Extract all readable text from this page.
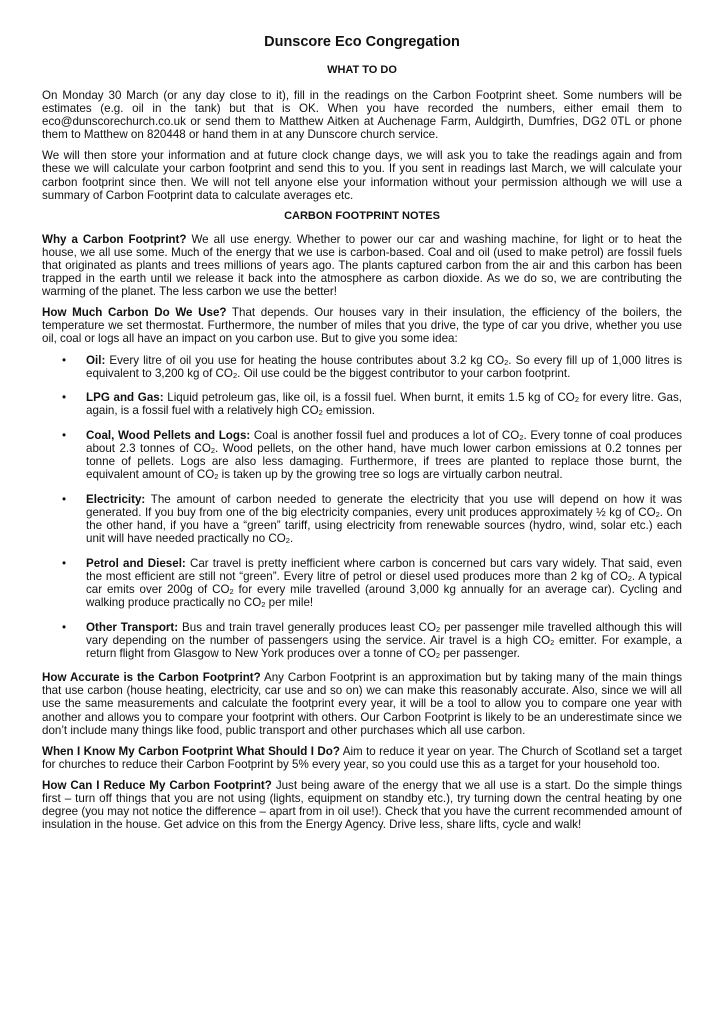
Dunscore Eco Congregation
WHAT TO DO

On Monday 30 March (or any day close to it), fill in the readings on the Carbon Footprint sheet. Some numbers will be estimates (e.g. oil in the tank) but that is OK. When you have recorded the numbers, either email them to eco@dunscorechurch.co.uk or send them to Matthew Aitken at Auchenage Farm, Auldgirth, Dumfries, DG2 0TL or phone them to Matthew on 820448 or hand them in at any Dunscore church service.

We will then store your information and at future clock change days, we will ask you to take the readings again and from these we will calculate your carbon footprint and send this to you. If you sent in readings last March, we will calculate your carbon footprint since then. We will not tell anyone else your information without your permission although we will use a summary of Carbon Footprint data to calculate averages etc.

CARBON FOOTPRINT NOTES

Why a Carbon Footprint? We all use energy. Whether to power our car and washing machine, for light or to heat the house, we all use some. Much of the energy that we use is carbon-based. Coal and oil (used to make petrol) are fossil fuels that originated as plants and trees millions of years ago. The plants captured carbon from the air and this carbon has been trapped in the earth until we release it back into the atmosphere as carbon dioxide. As we do so, we are contributing the warming of the planet. The less carbon we use the better!

How Much Carbon Do We Use? That depends. Our houses vary in their insulation, the efficiency of the boilers, the temperature we set thermostat. Furthermore, the number of miles that you drive, the type of car you drive, whether you use oil, coal or logs all have an impact on you carbon use. But to give you some idea:

• Oil: Every litre of oil you use for heating the house contributes about 3.2 kg $CO_2$. So every fill up of 1,000 litres is equivalent to 3,200 kg of $CO_2$. Oil use could be the biggest contributor to your carbon footprint.
• LPG and Gas: Liquid petroleum gas, like oil, is a fossil fuel. When burnt, it emits 1.5 kg of $CO_2$ for every litre. Gas, again, is a fossil fuel with a relatively high $CO_2$ emission.
• Coal, Wood Pellets and Logs: Coal is another fossil fuel and produces a lot of $CO_2$. Every tonne of coal produces about 2.3 tonnes of $CO_2$. Wood pellets, on the other hand, have much lower carbon emissions at 0.2 tonnes per tonne of pellets. Logs are also less damaging. Furthermore, if trees are planted to replace those burnt, the equivalent amount of $CO_2$ is taken up by the growing tree so logs are virtually carbon neutral.
• Electricity: The amount of carbon needed to generate the electricity that you use will depend on how it was generated. If you buy from one of the big electricity companies, every unit produces approximately ½ kg of $CO_2$. On the other hand, if you have a “green” tariff, using electricity from renewable sources (hydro, wind, solar etc.) each unit will have needed practically no $CO_2$.
• Petrol and Diesel: Car travel is pretty inefficient where carbon is concerned but cars vary widely. That said, even the most efficient are still not “green”. Every litre of petrol or diesel used produces more than 2 kg of $CO_2$. A typical car emits over 200g of $CO_2$ for every mile travelled (around 3,000 kg annually for an average car). Cycling and walking produce practically no $CO_2$ per mile!
• Other Transport: Bus and train travel generally produces least $CO_2$ per passenger mile travelled although this will vary depending on the number of passengers using the service. Air travel is a high $CO_2$ emitter. For example, a return flight from Glasgow to New York produces over a tonne of $CO_2$ per passenger.

How Accurate is the Carbon Footprint? Any Carbon Footprint is an approximation but by taking many of the main things that use carbon (house heating, electricity, car use and so on) we can make this reasonably accurate. Also, since we will all use the same measurements and calculate the footprint every year, it will be a tool to allow you to compare one year with another and allows you to compare your footprint with others. Our Carbon Footprint is likely to be an underestimate since we don’t include many things like food, public transport and other purchases which all use carbon.

When I Know My Carbon Footprint What Should I Do? Aim to reduce it year on year. The Church of Scotland set a target for churches to reduce their Carbon Footprint by 5% every year, so you could use this as a target for your household too.

How Can I Reduce My Carbon Footprint? Just being aware of the energy that we all use is a start. Do the simple things first – turn off things that you are not using (lights, equipment on standby etc.), try turning down the central heating by one degree (you may not notice the difference – apart from in oil use!). Check that you have the current recommended amount of insulation in the house. Get advice on this from the Energy Agency. Drive less, share lifts, cycle and walk!
